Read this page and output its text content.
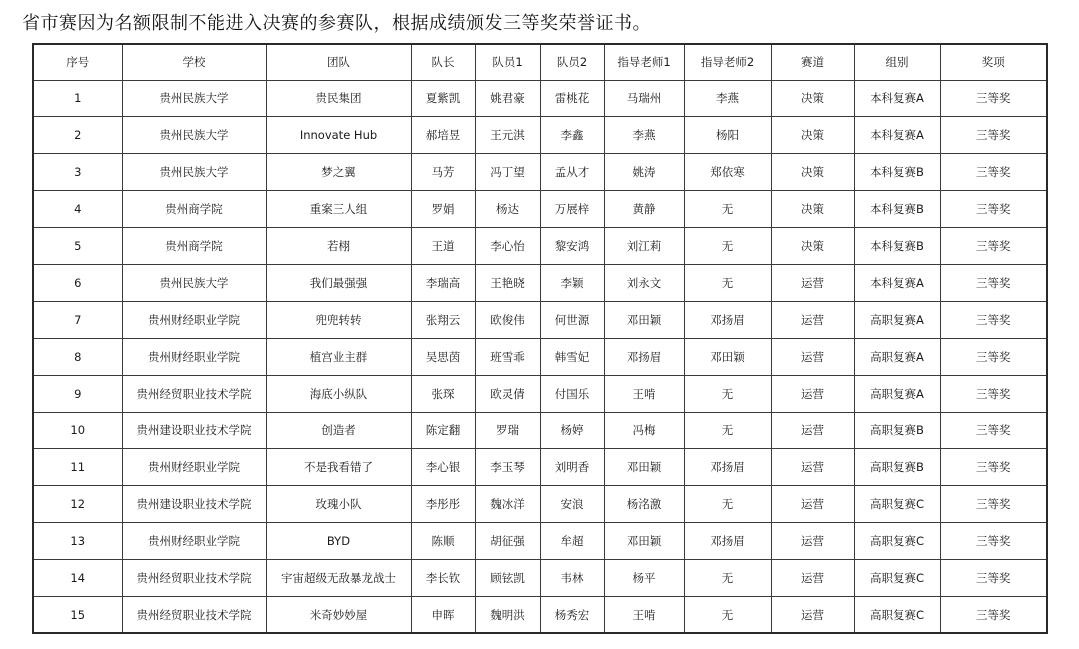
省市赛因为名额限制不能进入决赛的参赛队，根据成绩颁发三等奖荣誉证书。
序号	学校	团队	队长	队员1	队员2	指导老师1	指导老师2	赛道	组别	奖项
1	贵州民族大学	贵民集团	夏紫凯	姚君豪	雷桃花	马瑞州	李燕	决策	本科复赛A	三等奖
2	贵州民族大学	Innovate Hub	郝培昱	王元淇	李鑫	李燕	杨阳	决策	本科复赛A	三等奖
3	贵州民族大学	梦之翼	马芳	冯丁望	孟从才	姚涛	郑依寒	决策	本科复赛B	三等奖
4	贵州商学院	重案三人组	罗娟	杨达	万展梓	黄静	无	决策	本科复赛B	三等奖
5	贵州商学院	若栩	王道	李心怡	黎安鸿	刘江莉	无	决策	本科复赛B	三等奖
6	贵州民族大学	我们最强强	李瑞高	王艳晓	李颖	刘永文	无	运营	本科复赛A	三等奖
7	贵州财经职业学院	兜兜转转	张翔云	欧俊伟	何世源	邓田颖	邓扬眉	运营	高职复赛A	三等奖
8	贵州财经职业学院	植宫业主群	吴思茵	班雪乖	韩雪妃	邓扬眉	邓田颖	运营	高职复赛A	三等奖
9	贵州经贸职业技术学院	海底小纵队	张琛	欧灵倩	付国乐	王啃	无	运营	高职复赛A	三等奖
10	贵州建设职业技术学院	创造者	陈定翻	罗瑞	杨婷	冯梅	无	运营	高职复赛B	三等奖
11	贵州财经职业学院	不是我看错了	李心银	李玉琴	刘明香	邓田颖	邓扬眉	运营	高职复赛B	三等奖
12	贵州建设职业技术学院	玫瑰小队	李彤彤	魏冰洋	安浪	杨洺激	无	运营	高职复赛C	三等奖
13	贵州财经职业学院	BYD	陈顺	胡征强	牟超	邓田颖	邓扬眉	运营	高职复赛C	三等奖
14	贵州经贸职业技术学院	宇宙超级无敌暴龙战士	李长钦	顾铉凯	韦林	杨平	无	运营	高职复赛C	三等奖
15	贵州经贸职业技术学院	米奇妙妙屋	申晖	魏明洪	杨秀宏	王啃	无	运营	高职复赛C	三等奖
